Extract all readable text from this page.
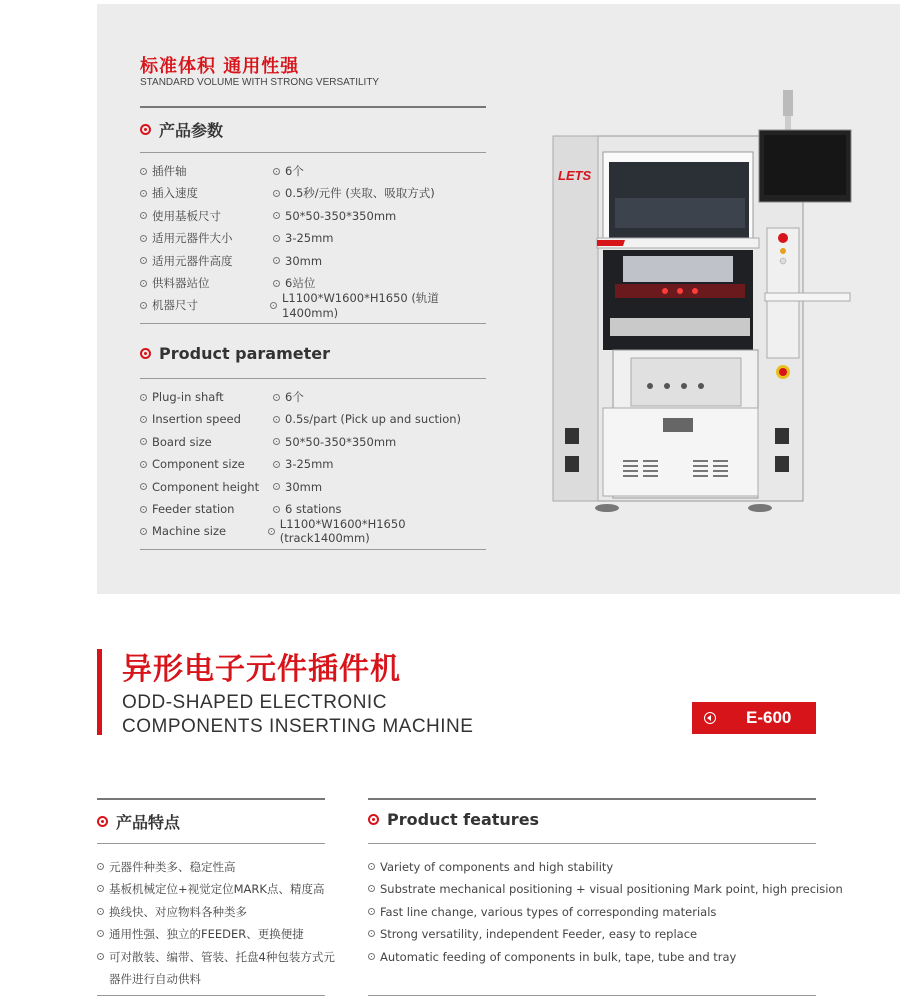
标准体积 通用性强
STANDARD VOLUME WITH STRONG VERSATILITY
产品参数
插件轴	6个
插入速度	0.5秒/元件 (夹取、吸取方式)
使用基板尺寸	50*50-350*350mm
适用元器件大小	3-25mm
适用元器件高度	30mm
供料器站位	6站位
机器尺寸	L1100*W1600*H1650 (轨道1400mm)
Product parameter
Plug-in shaft	6个
Insertion speed	0.5s/part (Pick up and suction)
Board size	50*50-350*350mm
Component size	3-25mm
Component height 30mm
Feeder station	6 stations
Machine size	L1100*W1600*H1650 (track1400mm)
LETS
异形电子元件插件机
ODD-SHAPED ELECTRONIC
COMPONENTS INSERTING MACHINE	E-600
产品特点
元器件种类多、稳定性高
基板机械定位+视觉定位MARK点、精度高
换线快、对应物料各种类多
通用性强、独立的FEEDER、更换便捷
可对散装、编带、管装、托盘4种包装方式元
器件进行自动供料
Product features
Variety of components and high stability
Substrate mechanical positioning + visual positioning Mark point, high precision
Fast line change, various types of corresponding materials
Strong versatility, independent Feeder, easy to replace
Automatic feeding of components in bulk, tape, tube and tray
